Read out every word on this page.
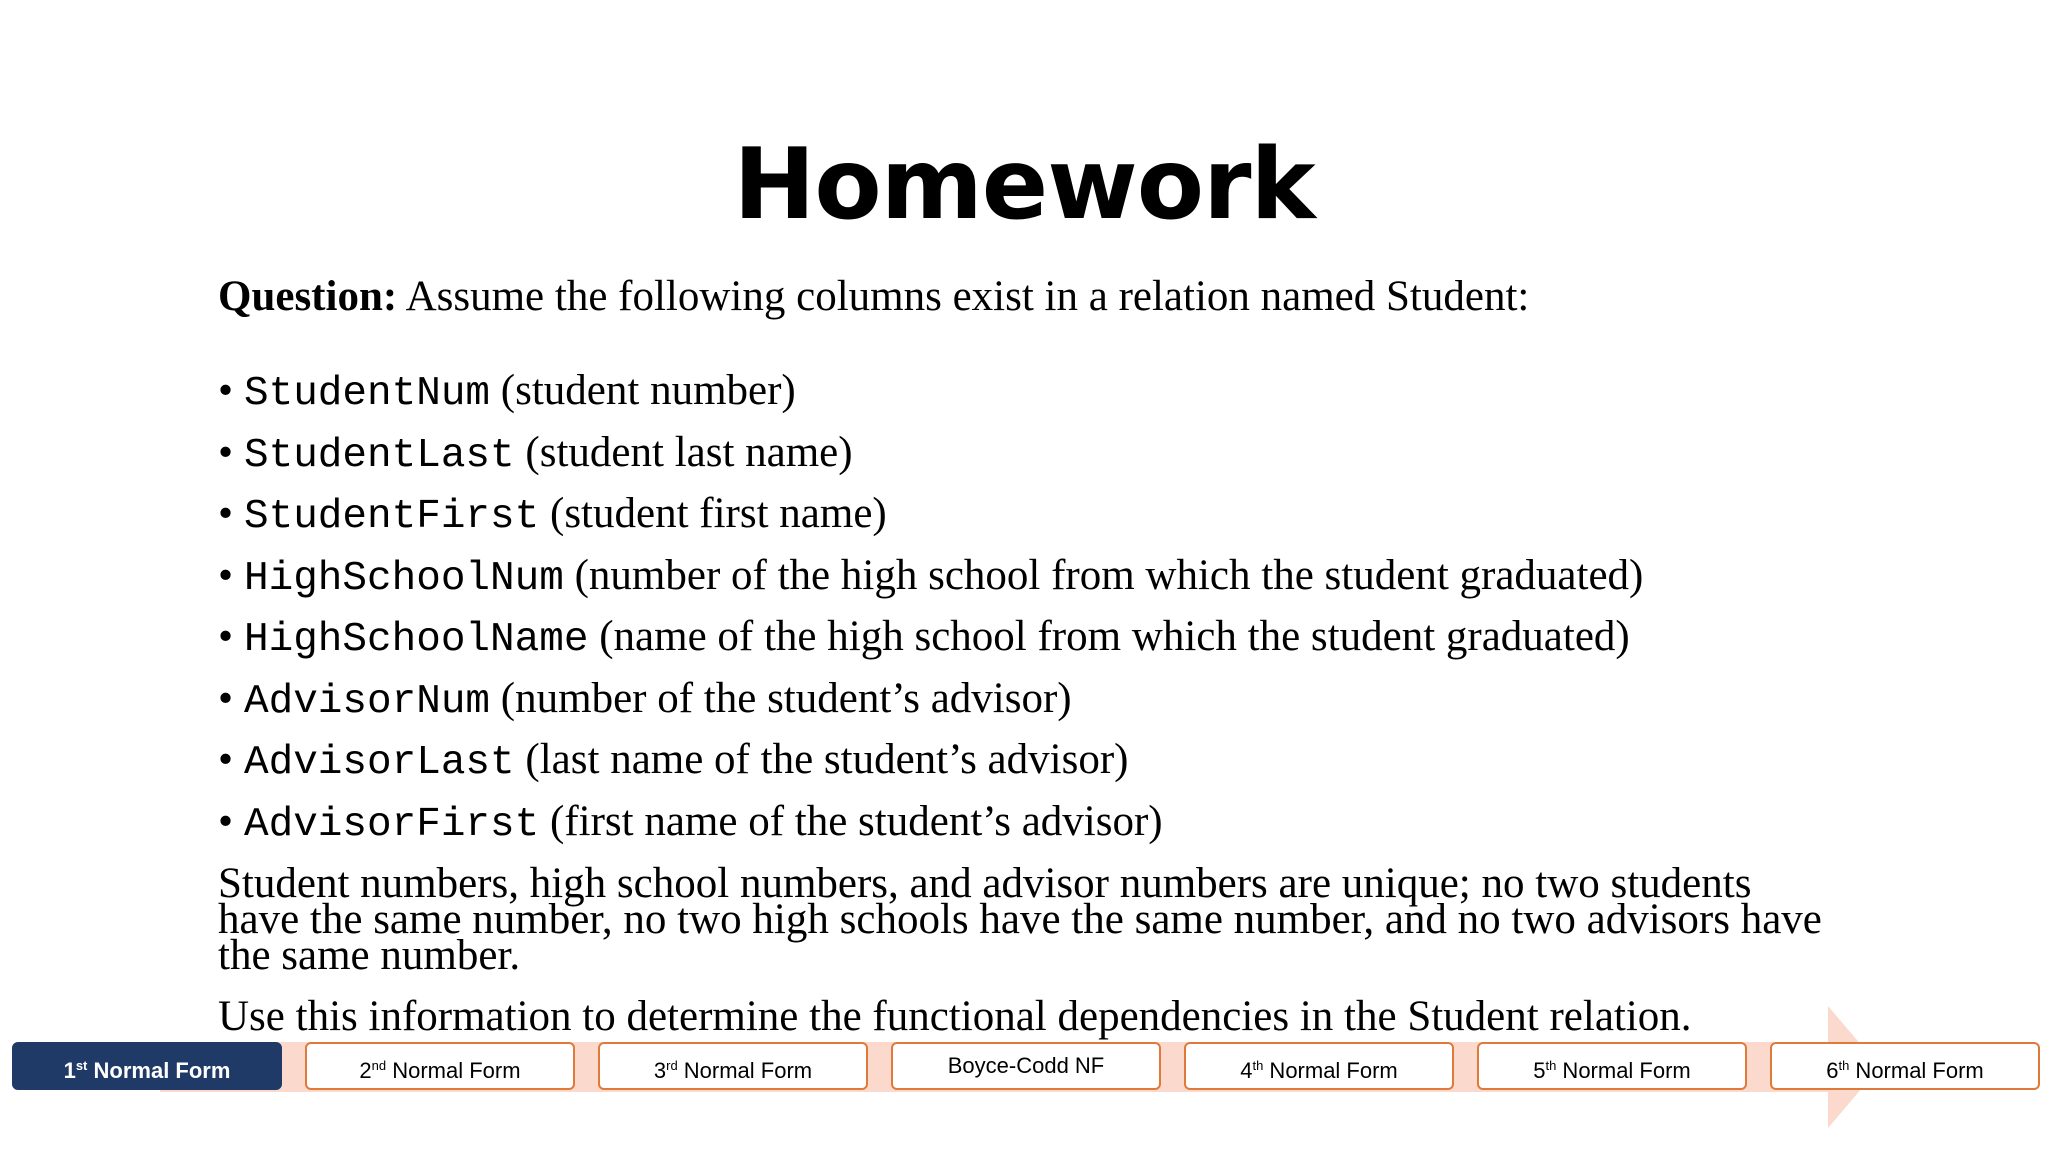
Homework
Question: Assume the following columns exist in a relation named Student:
• StudentNum (student number)
• StudentLast (student last name)
• StudentFirst (student first name)
• HighSchoolNum (number of the high school from which the student graduated)
• HighSchoolName (name of the high school from which the student graduated)
• AdvisorNum (number of the student’s advisor)
• AdvisorLast (last name of the student’s advisor)
• AdvisorFirst (first name of the student’s advisor)
Student numbers, high school numbers, and advisor numbers are unique; no two students have the same number, no two high schools have the same number, and no two advisors have the same number.
Use this information to determine the functional dependencies in the Student relation.
1st Normal Form	2nd Normal Form	3rd Normal Form	Boyce-Codd NF	4th Normal Form	5th Normal Form	6th Normal Form
